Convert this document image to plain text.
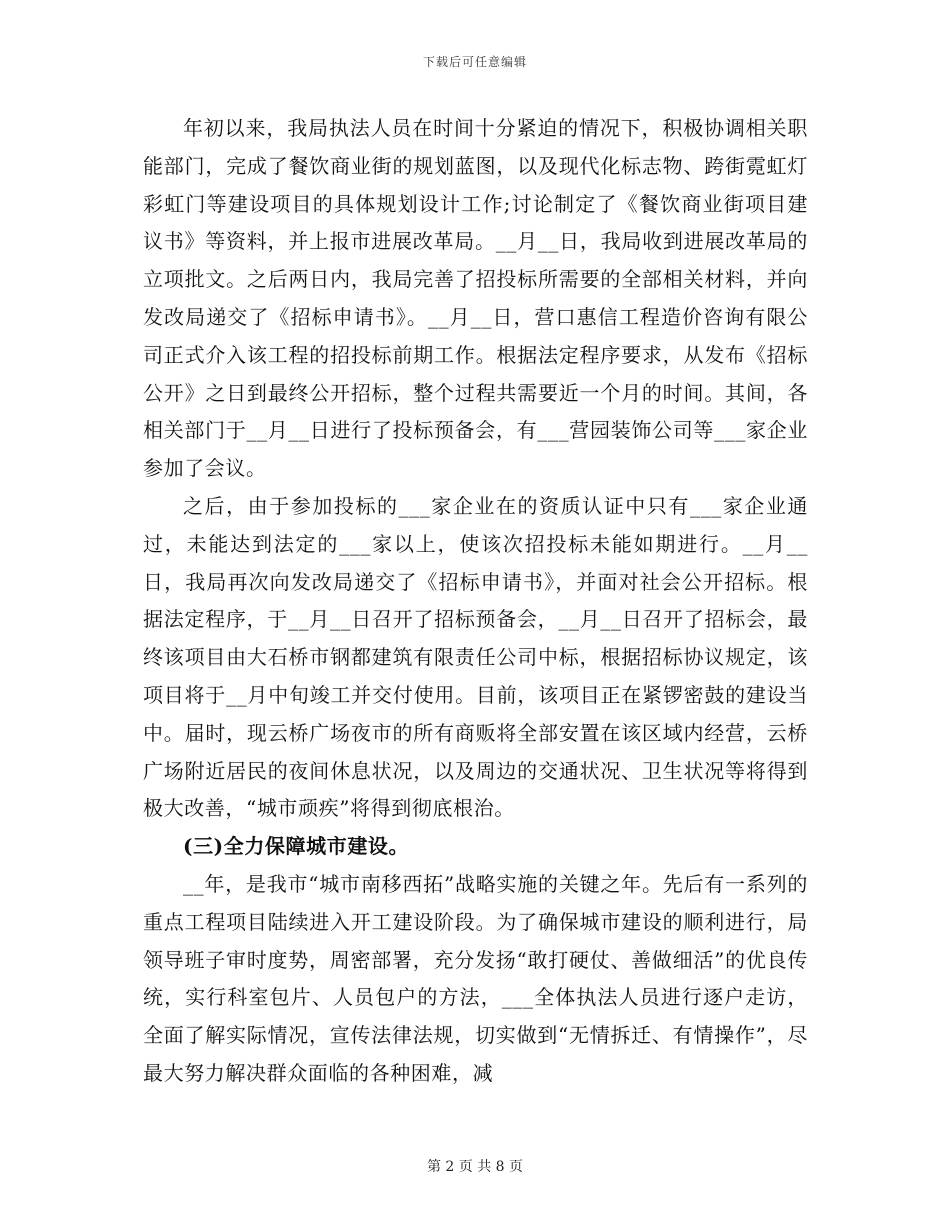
下载后可任意编辑

年初以来，我局执法人员在时间十分紧迫的情况下，积极协调相关职能部门，完成了餐饮商业街的规划蓝图，以及现代化标志物、跨街霓虹灯彩虹门等建设项目的具体规划设计工作;讨论制定了《餐饮商业街项目建议书》等资料，并上报市进展改革局。__月__日，我局收到进展改革局的立项批文。之后两日内，我局完善了招投标所需要的全部相关材料，并向发改局递交了《招标申请书》。__月__日，营口惠信工程造价咨询有限公司正式介入该工程的招投标前期工作。根据法定程序要求，从发布《招标公开》之日到最终公开招标，整个过程共需要近一个月的时间。其间，各相关部门于__月__日进行了投标预备会，有___营园装饰公司等___家企业参加了会议。

之后，由于参加投标的___家企业在的资质认证中只有___家企业通过，未能达到法定的___家以上，使该次招投标未能如期进行。__月__日，我局再次向发改局递交了《招标申请书》，并面对社会公开招标。根据法定程序，于__月__日召开了招标预备会，__月__日召开了招标会，最终该项目由大石桥市钢都建筑有限责任公司中标，根据招标协议规定，该项目将于__月中旬竣工并交付使用。目前，该项目正在紧锣密鼓的建设当中。届时，现云桥广场夜市的所有商贩将全部安置在该区域内经营，云桥广场附近居民的夜间休息状况，以及周边的交通状况、卫生状况等将得到极大改善，“城市顽疾”将得到彻底根治。

(三)全力保障城市建设。

__年，是我市“城市南移西拓”战略实施的关键之年。先后有一系列的重点工程项目陆续进入开工建设阶段。为了确保城市建设的顺利进行，局领导班子审时度势，周密部署，充分发扬“敢打硬仗、善做细活”的优良传统，实行科室包片、人员包户的方法，___全体执法人员进行逐户走访，全面了解实际情况，宣传法律法规，切实做到“无情拆迁、有情操作”，尽最大努力解决群众面临的各种困难，减

第 2 页 共 8 页
